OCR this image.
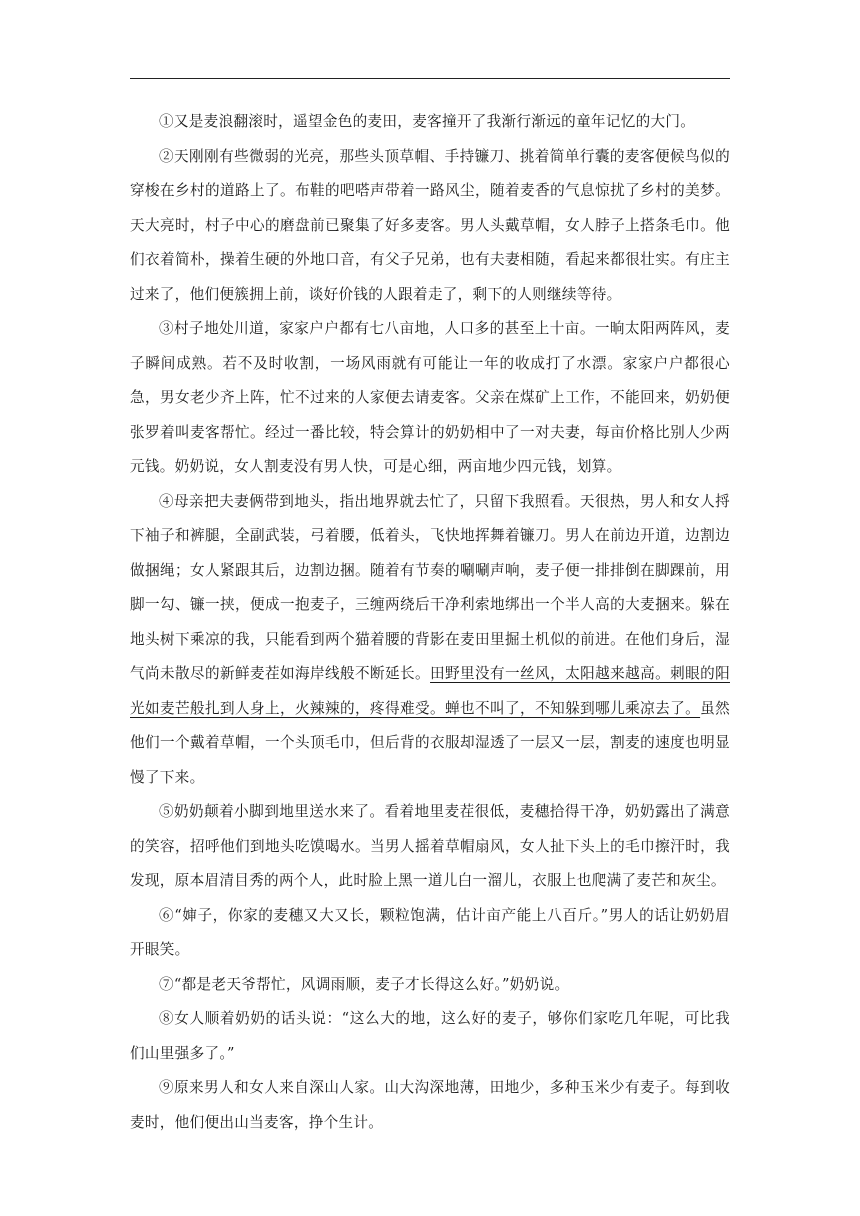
①又是麦浪翻滚时，遥望金色的麦田，麦客撞开了我渐行渐远的童年记忆的大门。

②天刚刚有些微弱的光亮，那些头顶草帽、手持镰刀、挑着简单行囊的麦客便候鸟似的穿梭在乡村的道路上了。布鞋的吧嗒声带着一路风尘，随着麦香的气息惊扰了乡村的美梦。天大亮时，村子中心的磨盘前已聚集了好多麦客。男人头戴草帽，女人脖子上搭条毛巾。他们衣着简朴，操着生硬的外地口音，有父子兄弟，也有夫妻相随，看起来都很壮实。有庄主过来了，他们便簇拥上前，谈好价钱的人跟着走了，剩下的人则继续等待。

③村子地处川道，家家户户都有七八亩地，人口多的甚至上十亩。一晌太阳两阵风，麦子瞬间成熟。若不及时收割，一场风雨就有可能让一年的收成打了水漂。家家户户都很心急，男女老少齐上阵，忙不过来的人家便去请麦客。父亲在煤矿上工作，不能回来，奶奶便张罗着叫麦客帮忙。经过一番比较，特会算计的奶奶相中了一对夫妻，每亩价格比别人少两元钱。奶奶说，女人割麦没有男人快，可是心细，两亩地少四元钱，划算。

④母亲把夫妻俩带到地头，指出地界就去忙了，只留下我照看。天很热，男人和女人捋下袖子和裤腿，全副武装，弓着腰，低着头，飞快地挥舞着镰刀。男人在前边开道，边割边做捆绳；女人紧跟其后，边割边捆。随着有节奏的唰唰声响，麦子便一排排倒在脚踝前，用脚一勾、镰一挟，便成一抱麦子，三缠两绕后干净利索地绑出一个半人高的大麦捆来。躲在地头树下乘凉的我，只能看到两个猫着腰的背影在麦田里掘土机似的前进。在他们身后，湿气尚未散尽的新鲜麦茬如海岸线般不断延长。田野里没有一丝风，太阳越来越高。刺眼的阳光如麦芒般扎到人身上，火辣辣的，疼得难受。蝉也不叫了，不知躲到哪儿乘凉去了。虽然他们一个戴着草帽，一个头顶毛巾，但后背的衣服却湿透了一层又一层，割麦的速度也明显慢了下来。

⑤奶奶颠着小脚到地里送水来了。看着地里麦茬很低，麦穗拾得干净，奶奶露出了满意的笑容，招呼他们到地头吃馍喝水。当男人摇着草帽扇风，女人扯下头上的毛巾擦汗时，我发现，原本眉清目秀的两个人，此时脸上黑一道儿白一溜儿，衣服上也爬满了麦芒和灰尘。

⑥“婶子，你家的麦穗又大又长，颗粒饱满，估计亩产能上八百斤。”男人的话让奶奶眉开眼笑。

⑦“都是老天爷帮忙，风调雨顺，麦子才长得这么好。”奶奶说。

⑧女人顺着奶奶的话头说：“这么大的地，这么好的麦子，够你们家吃几年呢，可比我们山里强多了。”

⑨原来男人和女人来自深山人家。山大沟深地薄，田地少，多种玉米少有麦子。每到收麦时，他们便出山当麦客，挣个生计。
